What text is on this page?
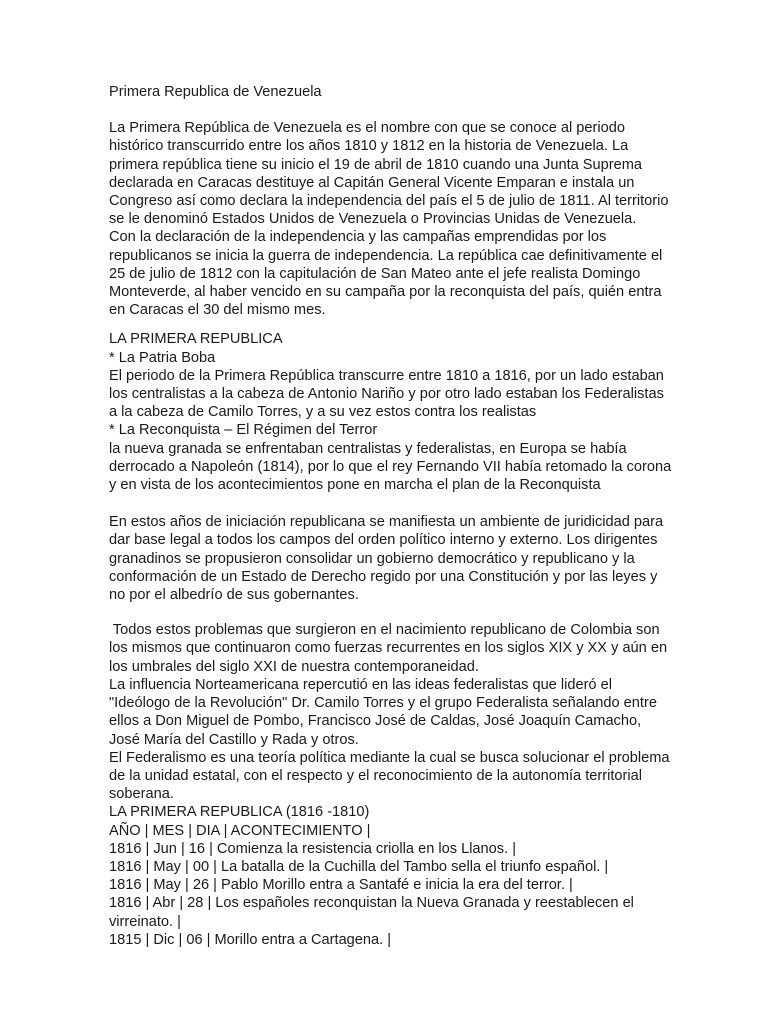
Primera Republica de Venezuela
La Primera República de Venezuela es el nombre con que se conoce al periodo
histórico transcurrido entre los años 1810 y 1812 en la historia de Venezuela. La
primera república tiene su inicio el 19 de abril de 1810 cuando una Junta Suprema
declarada en Caracas destituye al Capitán General Vicente Emparan e instala un
Congreso así como declara la independencia del país el 5 de julio de 1811. Al territorio
se le denominó Estados Unidos de Venezuela o Provincias Unidas de Venezuela.
Con la declaración de la independencia y las campañas emprendidas por los
republicanos se inicia la guerra de independencia. La república cae definitivamente el
25 de julio de 1812 con la capitulación de San Mateo ante el jefe realista Domingo
Monteverde, al haber vencido en su campaña por la reconquista del país, quién entra
en Caracas el 30 del mismo mes.
LA PRIMERA REPUBLICA
* La Patria Boba
El periodo de la Primera República transcurre entre 1810 a 1816, por un lado estaban
los centralistas a la cabeza de Antonio Nariño y por otro lado estaban los Federalistas
a la cabeza de Camilo Torres, y a su vez estos contra los realistas
* La Reconquista – El Régimen del Terror
la nueva granada se enfrentaban centralistas y federalistas, en Europa se había
derrocado a Napoleón (1814), por lo que el rey Fernando VII había retomado la corona
y en vista de los acontecimientos pone en marcha el plan de la Reconquista
En estos años de iniciación republicana se manifiesta un ambiente de juridicidad para
dar base legal a todos los campos del orden político interno y externo. Los dirigentes
granadinos se propusieron consolidar un gobierno democrático y republicano y la
conformación de un Estado de Derecho regido por una Constitución y por las leyes y
no por el albedrío de sus gobernantes.
Todos estos problemas que surgieron en el nacimiento republicano de Colombia son
los mismos que continuaron como fuerzas recurrentes en los siglos XIX y XX y aún en
los umbrales del siglo XXI de nuestra contemporaneidad.
La influencia Norteamericana repercutió en las ideas federalistas que lideró el
"Ideólogo de la Revolución" Dr. Camilo Torres y el grupo Federalista señalando entre
ellos a Don Miguel de Pombo, Francisco José de Caldas, José Joaquín Camacho,
José María del Castillo y Rada y otros.
El Federalismo es una teoría política mediante la cual se busca solucionar el problema
de la unidad estatal, con el respecto y el reconocimiento de la autonomía territorial
soberana.
LA PRIMERA REPUBLICA (1816 -1810)
AÑO | MES | DIA | ACONTECIMIENTO |
1816 | Jun | 16 | Comienza la resistencia criolla en los Llanos. |
1816 | May | 00 | La batalla de la Cuchilla del Tambo sella el triunfo español. |
1816 | May | 26 | Pablo Morillo entra a Santafé e inicia la era del terror. |
1816 | Abr | 28 | Los españoles reconquistan la Nueva Granada y reestablecen el
virreinato. |
1815 | Dic | 06 | Morillo entra a Cartagena. |
